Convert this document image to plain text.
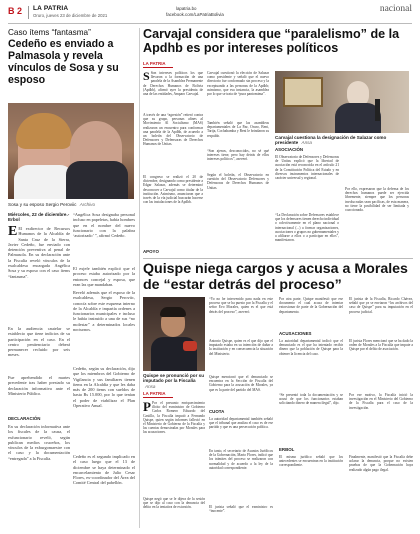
B 2 LA PATRIA
Oruro, jueves 23 de diciembre de 2021
lapatria.bo
facebook.com/LaPatriaBolivia
nacional
Caso ítems “fantasma”
Cedeño es enviado a Palmasola y revela vínculos de Sosa y su esposo
Sosa y su esposo Sergio Peroviic Archivo
Miércoles, 22 de diciembre.- Erbol
E El exdirector de Recursos Humanos de la Alcaldía de Santa Cruz de la Sierra, Javier Cedeño, fue enviado con detención preventiva al penal de Palmasola. En su declaración ante la Fiscalía reveló vínculos de la exalcaldesa encargada Angélica Sosa y su esposo con el caso ítems “fantasma”.
En la audiencia cautelar se establecio que tiene indicios de su participación en el caso. En el centro penitenciario deberá permanecer recluido por seis meses.
Fue aprehendido el martes precedente tras haber prestado su declaración informativa ante el Ministerio Público.
DECLARACIÓN
En su declaración informativa ante los fiscales de la causa, el exfuncionario reveló, según publican medios cruceños, los vínculos de la exburgomaestre con el caso y la documentación “entregada” a la Fiscalía.
“Angélica Sosa designaba personal incluso en papeletas, había hombres que en el nombre del nuevo funcionario con la palabra ‘autorizado’ ”, afirmó Cedeño.
El exjefe también explicó que el proceso estaba autorizado por la entonces concejal y esposa, que eran las que mandaban.
Reveló además que el esposo de la exalcaldesa, Sergio Peroviic, conocía sobre este esquema interno de la Alcaldía e impartía ordenes a funcionarios municipales e incluso le había instruido a una de sus “no molestar” a determinados locales nocturnos.
Cedeño, según su declaración, dijo que los miembros del Gobierno de Vigilancia y sus familiares tienen ítems en la Alcaldía y que les daba más de 200 ítems con sueldos de hasta Bs 15.000, por lo que tenían el poder de viabilizar el Plan Operativo Anual.
Cedeño es el segundo implicado en el caso luego que el 13 de diciembre se haya determinado el encarcelamiento de Julio Cesar Flores, ex-coordinador del Área del Comité Central del pabellón.
Carvajal considera que “paralelismo” de la Apdhb es por intereses políticos
LA PATRIA
S Son intereses políticos los que llevaron a la formación de una paralela de la Asamblea Permanente de Derechos Humanos de Bolivia (Apdhb), afirmó ayer la presidenta de una de las entidades, Amparo Carvajal.
A través de una “agresión” reiteró contra que su grupo, personas afines al Movimiento Al Socialismo (MAS) realizaron un encuentro para conformar una paralela de la Apdhb, de acuerdo a un boletín del Observatorio de Defensores y Defensoras de Derechos Humanos de Unitas.
El congreso se realizó el 20 de diciembre, designando como presidente a Edgar Salazar, además se determinó desconocer a Carvajal como titular de la institución. Asimismo, anunciaron que a través de la vía judicial buscarán hacerse con las instalaciones de la Apdhb.
APOYO
Carvajal cuestionó la elección de Salazar como presidente y señaló que el nuevo directorio fue conformado sin proceso y la exceptuando a las personas de la Apdhb; asimismo, que esa instancia, la asamblea por lo que se trata de “pura pantomima”.
También señaló que las asambleas departamentales de La Paz, Oruro, Beni, Tarija, Cochabamba y Beni le brindaron su respaldo.
“Son ajenos, desconocidos, no sé qué intereses tiene, pero hay detrás de ellos intereses políticos”, aseveró.
Según el boletín, el Observatorio en cuestión del Observatorio Defensores y Defensoras de Derechos Humanos de Unitas.
Carvajal cuestiona la designación de Salazar como presidente Ansa
ASOCIACIÓN
El Observatorio de Defensores y Defensoras de Unitas explicó que la libertad de asociación está reconocida en el artículo 21 de la Constitución Política del Estado y en diversos instrumentos internacionales de carácter universal y regional.
“La Declaración sobre Defensores establece que los defensores tienen derecho individual o colectivamente en el plano nacional o internacional (...) a formar organizaciones, asociaciones o grupos no gubernamentales y a afiliarse a ellos o a participar en ellos”, manifestaron.
Por ello, expresaron que la defensa de los derechos humanos puede ser ejercida libremente, siempre que los personas involucradas sean pacíficas, de esta manera, no tiene la posibilidad de ser limitada y coaccionada.
Quispe niega cargos y acusa a Morales de “estar detrás del proceso”
Quispe se pronunció por su imputado por la Fiscalía Ansa
LA PATRIA
P Por el presunto enriquecimiento ilícito del exministro de Gobierno Carlos Romero Eduardo del Castillo, la Fiscalía imputó a Fernando Quispe, quien según informes falleció en el Ministerio de Gobierno de la Fiscalía y las cuentas demostradas por Morales para las acusaciones.
Quispe negó que se le dijera de la sesión que se dijo al caso con la denuncia del delito en la tentativa de extorsión.
“Yo no he intervenido para nada en este proceso que se ha puesto por la Fiscalía y el señor Evo Morales, quien es el que está detrás del proceso”, aseveró.
Antonio Quispe, quien es el que dijo que el imputado estaba en su intención de dañar a la institución y en consecuencia la situación del Ministerio.
Quispe mencionó que el denunciado se encuentra en la Sección de Fiscalía del Gobierno para la acusación de Morales, ya que es la parte del partido del MAS.
CUOTA
La autoridad departamental también señaló que el tribunal que analiza el caso es de ese partido y que es una persecución política.
En tanto, el secretario de Asuntos Jurídicos de la Gobernación, Mario Flores, indicó que los trámites del proceso se realizaron con normalidad y de acuerdo a la ley de la autoridad correspondiente.
El jurista señaló que el exministro es “inocente”.
Por otra parte, Quispe manifestó que ese documento el cual acusa de intentar extorsionar de parte de la Gobernación del departamento.
ACUSACIONES
La autoridad departamental indicó que el denunciado es el que ha intentado recibir dinero que la población de Quispe para la obtener la licencia del caso.
“Se presentó toda la documentación y se acusó de que los funcionarios estaban solicitando dinero de manera ilegal”, dijo.
ERBOL
El mismo jurídico señaló que los antecedentes se encuentran en la institución correspondiente.
El jurista de la Fiscalía, Ricardo Chávez, señaló que ya se enviaron “los archivos del caso de Quispe” para su imputación en el proceso judicial.
El jurista Flores mencionó que se ha dado la orden de Morales a la Fiscalía que impute a Quispe por el delito de asociación.
Por ese motivo, la Fiscalía inició la investigación en el Ministerio del Gobierno de la Fiscalía para el caso de la investigación.
Finalmente, manifestó que la Fiscalía debe aclarar la denuncia, porque no existen pruebas de que la Gobernación haya realizado algún pago ilegal.
